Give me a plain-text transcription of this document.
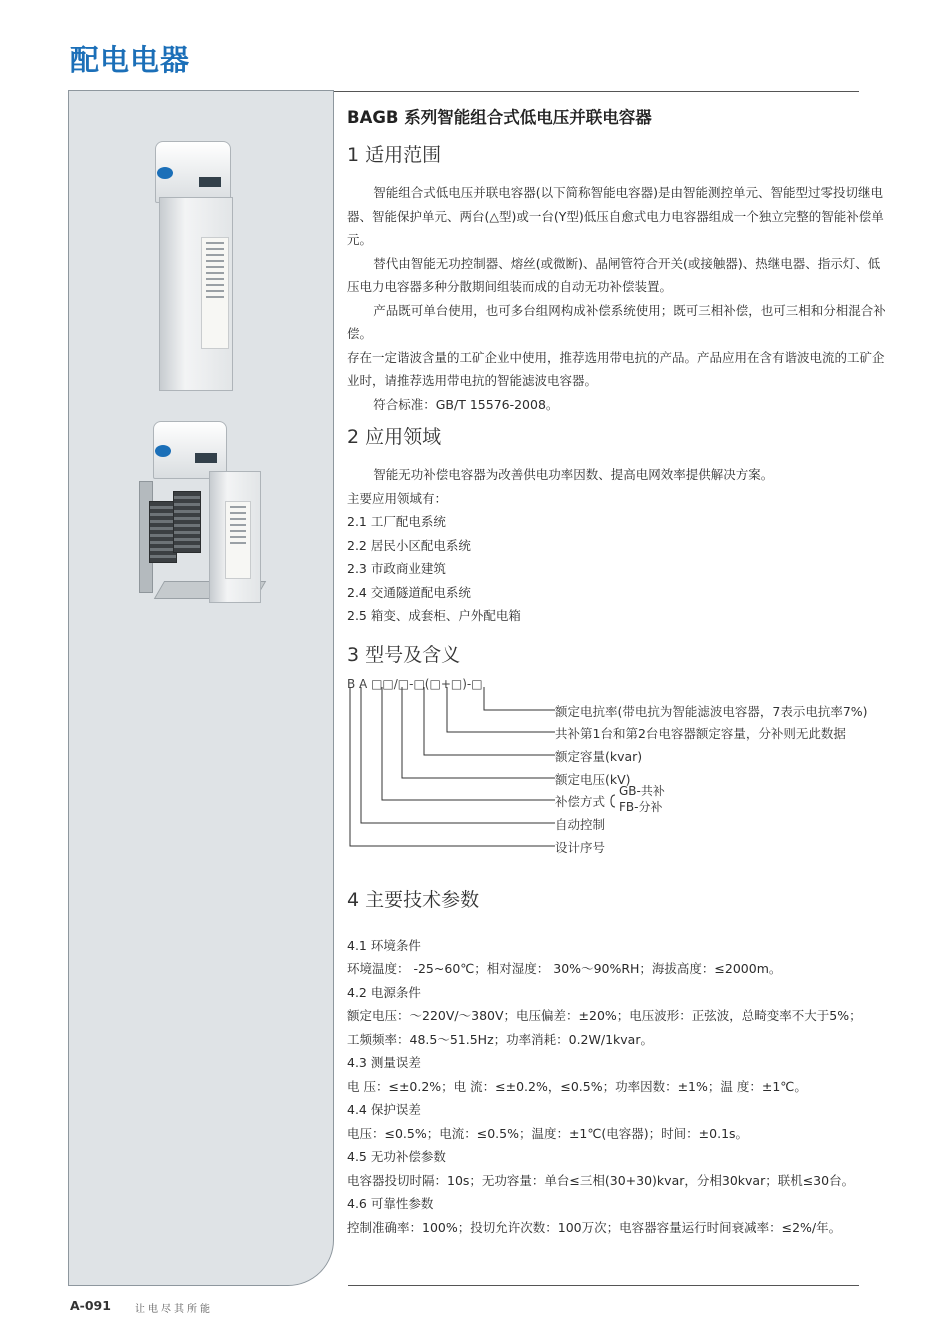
配电电器
BAGB 系列智能组合式低电压并联电容器
1 适用范围

智能组合式低电压并联电容器(以下简称智能电容器)是由智能测控单元、智能型过零投切继电器、智能保护单元、两台(△型)或一台(Y型)低压自愈式电力电容器组成一个独立完整的智能补偿单元。

替代由智能无功控制器、熔丝(或微断)、晶闸管符合开关(或接触器)、热继电器、指示灯、低压电力电容器多种分散期间组装而成的自动无功补偿装置。

产品既可单台使用，也可多台组网构成补偿系统使用；既可三相补偿，也可三相和分相混合补偿。

存在一定谐波含量的工矿企业中使用，推荐选用带电抗的产品。产品应用在含有谐波电流的工矿企业时，请推荐选用带电抗的智能滤波电容器。

符合标准：GB/T 15576-2008。

2 应用领域

智能无功补偿电容器为改善供电功率因数、提高电网效率提供解决方案。

主要应用领域有：

2.1 工厂配电系统

2.2 居民小区配电系统

2.3 市政商业建筑

2.4 交通隧道配电系统

2.5 箱变、成套柜、户外配电箱

3 型号及含义
B A □□/□-□(□+□)-□
额定电抗率(带电抗为智能滤波电容器，7表示电抗率7%)
共补第1台和第2台电容器额定容量，分补则无此数据
额定容量(kvar)
额定电压(kV)
补偿方式
GB-共补
FB-分补
自动控制
设计序号
4 主要技术参数

4.1 环境条件

环境温度： -25~60℃；相对湿度： 30%～90%RH；海拔高度：≤2000m。

4.2 电源条件

额定电压：～220V/～380V；电压偏差：±20%；电压波形：正弦波，总畸变率不大于5%；

工频频率：48.5～51.5Hz；功率消耗：0.2W/1kvar。

4.3 测量误差

电 压：≤±0.2%；电 流：≤±0.2%，≤0.5%；功率因数：±1%；温 度：±1℃。

4.4 保护误差

电压：≤0.5%；电流：≤0.5%；温度：±1℃(电容器)；时间：±0.1s。

4.5 无功补偿参数

电容器投切时隔：10s；无功容量：单台≤三相(30+30)kvar，分相30kvar；联机≤30台。

4.6 可靠性参数

控制准确率：100%；投切允许次数：100万次；电容器容量运行时间衰减率：≤2%/年。

A-091 让电尽其所能
